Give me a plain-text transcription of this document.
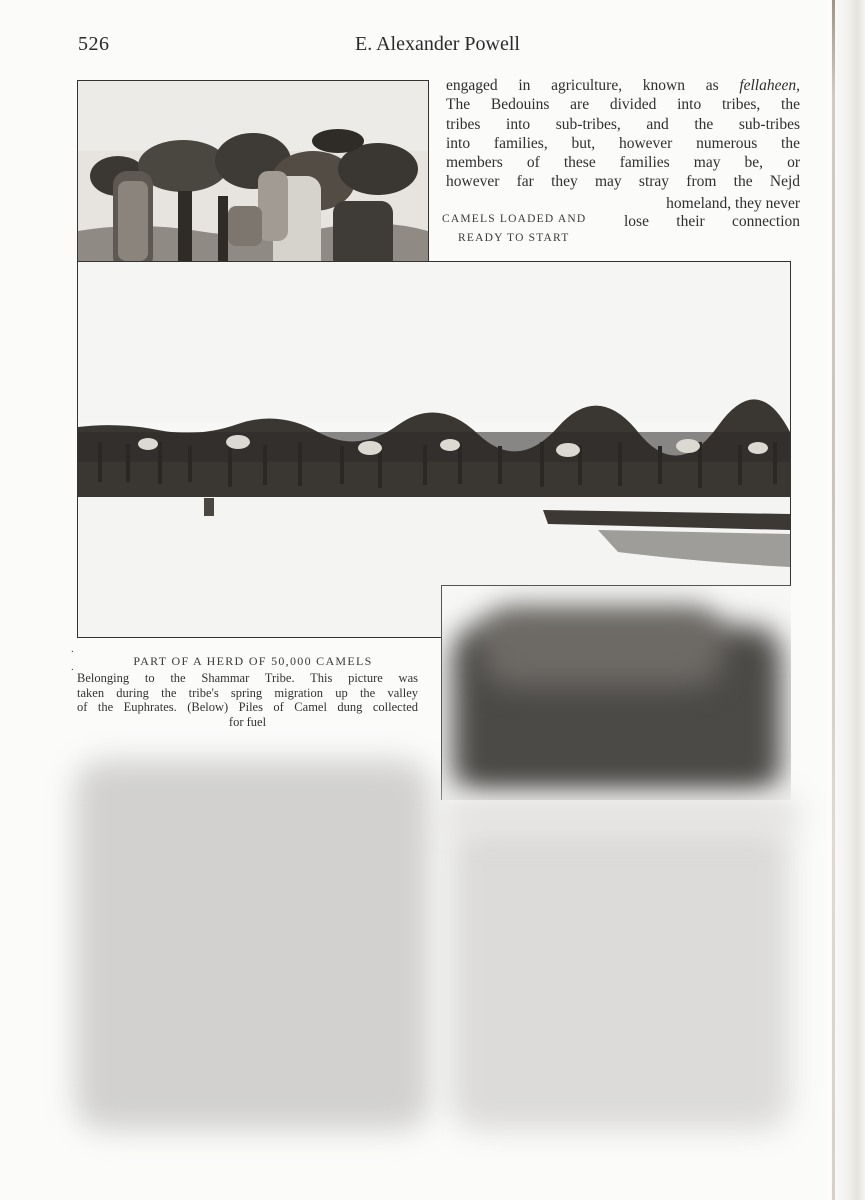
526	E. Alexander Powell
engaged in agriculture, known as fellaheen,
The Bedouins are divided into tribes, the
tribes into sub-tribes, and the sub-tribes
into families, but, however numerous the
members of these families may be, or
however far they may stray from the Nejd
homeland, they never
lose their connection
CAMELS LOADED AND
READY TO START
.
.	PART OF A HERD OF 50,000 CAMELS
Belonging to the Shammar Tribe. This picture was
taken during the tribe's spring migration up the valley
of the Euphrates. (Below) Piles of Camel dung collected
for fuel
